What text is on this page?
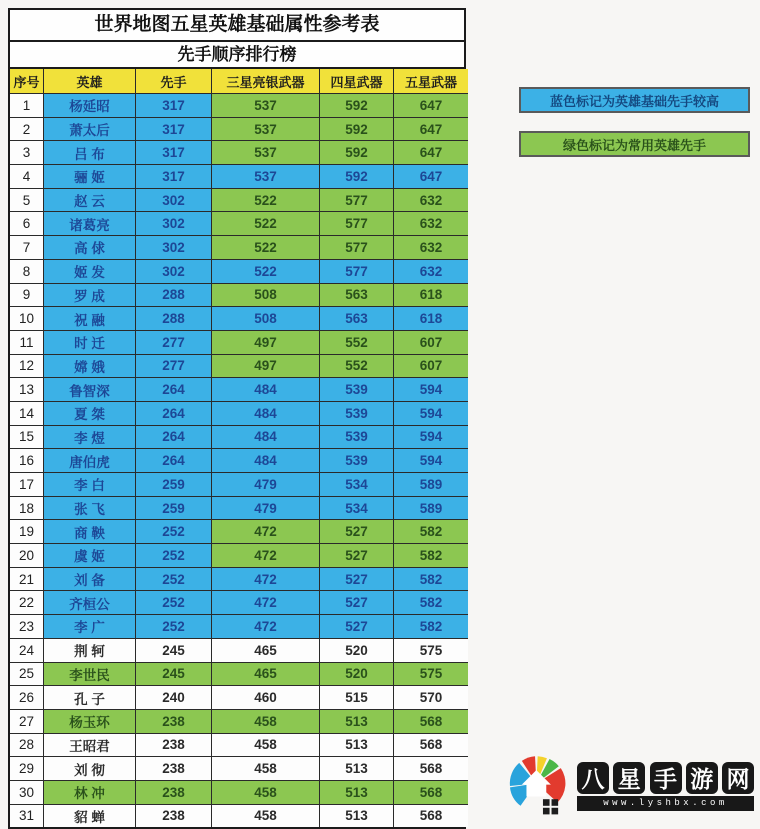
世界地图五星英雄基础属性参考表
先手顺序排行榜
序号	英雄	先手	三星亮银武器	四星武器	五星武器
1	杨延昭	317	537	592	647
2	萧太后	317	537	592	647
3	吕 布	317	537	592	647
4	骊 姬	317	537	592	647
5	赵 云	302	522	577	632
6	诸葛亮	302	522	577	632
7	高 俅	302	522	577	632
8	姬 发	302	522	577	632
9	罗 成	288	508	563	618
10	祝 融	288	508	563	618
11	时 迁	277	497	552	607
12	嫦 娥	277	497	552	607
13	鲁智深	264	484	539	594
14	夏 桀	264	484	539	594
15	李 煜	264	484	539	594
16	唐伯虎	264	484	539	594
17	李 白	259	479	534	589
18	张 飞	259	479	534	589
19	商 鞅	252	472	527	582
20	虞 姬	252	472	527	582
21	刘 备	252	472	527	582
22	齐桓公	252	472	527	582
23	李 广	252	472	527	582
24	荆 轲	245	465	520	575
25	李世民	245	465	520	575
26	孔 子	240	460	515	570
27	杨玉环	238	458	513	568
28	王昭君	238	458	513	568
29	刘 彻	238	458	513	568
30	林 冲	238	458	513	568
31	貂 蝉	238	458	513	568
蓝色标记为英雄基础先手较高
绿色标记为常用英雄先手
八 星 手 游 网
www.lyshbx.com
